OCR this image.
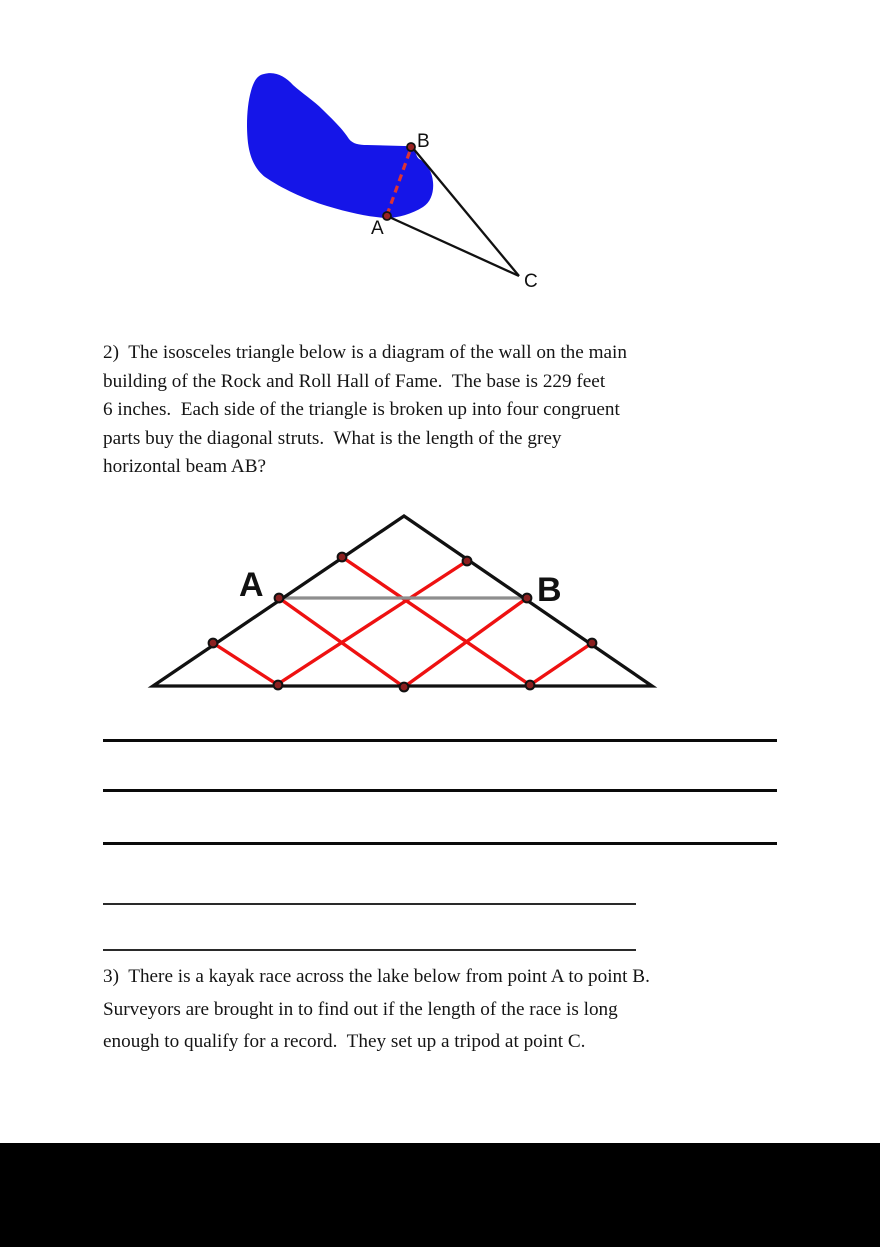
A
B
C
2)  The isosceles triangle below is a diagram of the wall on the main
building of the Rock and Roll Hall of Fame.  The base is 229 feet
6 inches.  Each side of the triangle is broken up into four congruent
parts buy the diagonal struts.  What is the length of the grey
horizontal beam AB?
A	B
3)  There is a kayak race across the lake below from point A to point B.
Surveyors are brought in to find out if the length of the race is long
enough to qualify for a record.  They set up a tripod at point C.
